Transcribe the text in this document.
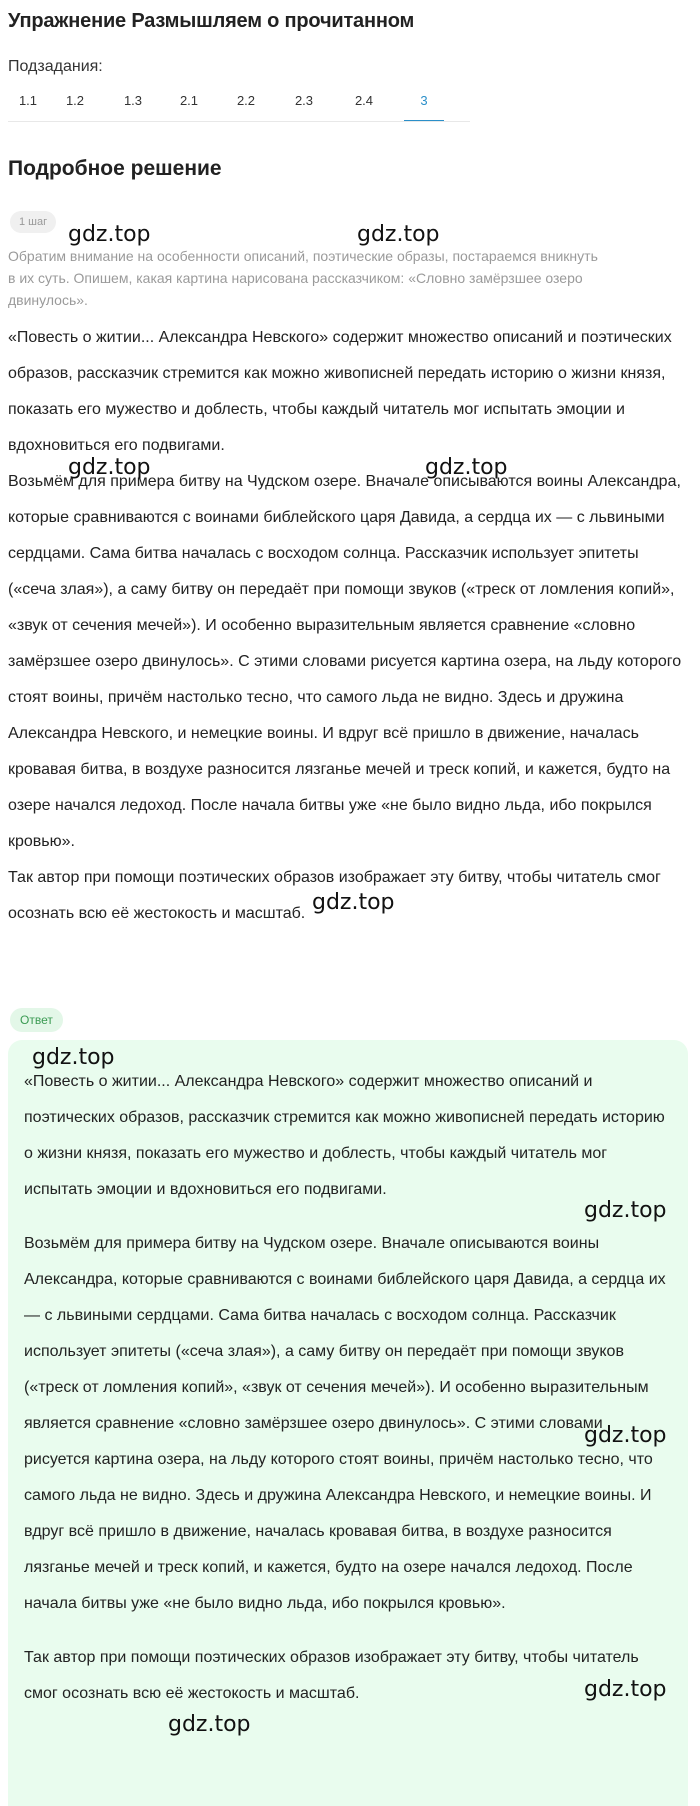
Упражнение Размышляем о прочитанном
Подзадания:
1.1	1.2	1.3	2.1	2.2	2.3	2.4	3
Подробное решение
1 шаг
Обратим внимание на особенности описаний, поэтические образы, постараемся вникнуть в их суть. Опишем, какая картина нарисована рассказчиком: «Словно замёрзшее озеро двинулось».

«Повесть о житии... Александра Невского» содержит множество описаний и поэтических образов, рассказчик стремится как можно живописней передать историю о жизни князя, показать его мужество и доблесть, чтобы каждый читатель мог испытать эмоции и вдохновиться его подвигами.

Возьмём для примера битву на Чудском озере. Вначале описываются воины Александра, которые сравниваются с воинами библейского царя Давида, а сердца их — с львиными сердцами. Сама битва началась с восходом солнца. Рассказчик использует эпитеты («сеча злая»), а саму битву он передаёт при помощи звуков («треск от ломления копий», «звук от сечения мечей»). И особенно выразительным является сравнение «словно замёрзшее озеро двинулось». С этими словами рисуется картина озера, на льду которого стоят воины, причём настолько тесно, что самого льда не видно. Здесь и дружина Александра Невского, и немецкие воины. И вдруг всё пришло в движение, началась кровавая битва, в воздухе разносится лязганье мечей и треск копий, и кажется, будто на озере начался ледоход. После начала битвы уже «не было видно льда, ибо покрылся кровью».

Так автор при помощи поэтических образов изображает эту битву, чтобы читатель смог осознать всю её жестокость и масштаб.

Ответ

«Повесть о житии... Александра Невского» содержит множество описаний и поэтических образов, рассказчик стремится как можно живописней передать историю о жизни князя, показать его мужество и доблесть, чтобы каждый читатель мог испытать эмоции и вдохновиться его подвигами.

Возьмём для примера битву на Чудском озере. Вначале описываются воины Александра, которые сравниваются с воинами библейского царя Давида, а сердца их — с львиными сердцами. Сама битва началась с восходом солнца. Рассказчик использует эпитеты («сеча злая»), а саму битву он передаёт при помощи звуков («треск от ломления копий», «звук от сечения мечей»). И особенно выразительным является сравнение «словно замёрзшее озеро двинулось». С этими словами рисуется картина озера, на льду которого стоят воины, причём настолько тесно, что самого льда не видно. Здесь и дружина Александра Невского, и немецкие воины. И вдруг всё пришло в движение, началась кровавая битва, в воздухе разносится лязганье мечей и треск копий, и кажется, будто на озере начался ледоход. После начала битвы уже «не было видно льда, ибо покрылся кровью».

Так автор при помощи поэтических образов изображает эту битву, чтобы читатель смог осознать всю её жестокость и масштаб.

gdz.top	gdz.top
gdz.top	gdz.top
gdz.top
gdz.top
gdz.top
gdz.top
gdz.top
gdz.top
